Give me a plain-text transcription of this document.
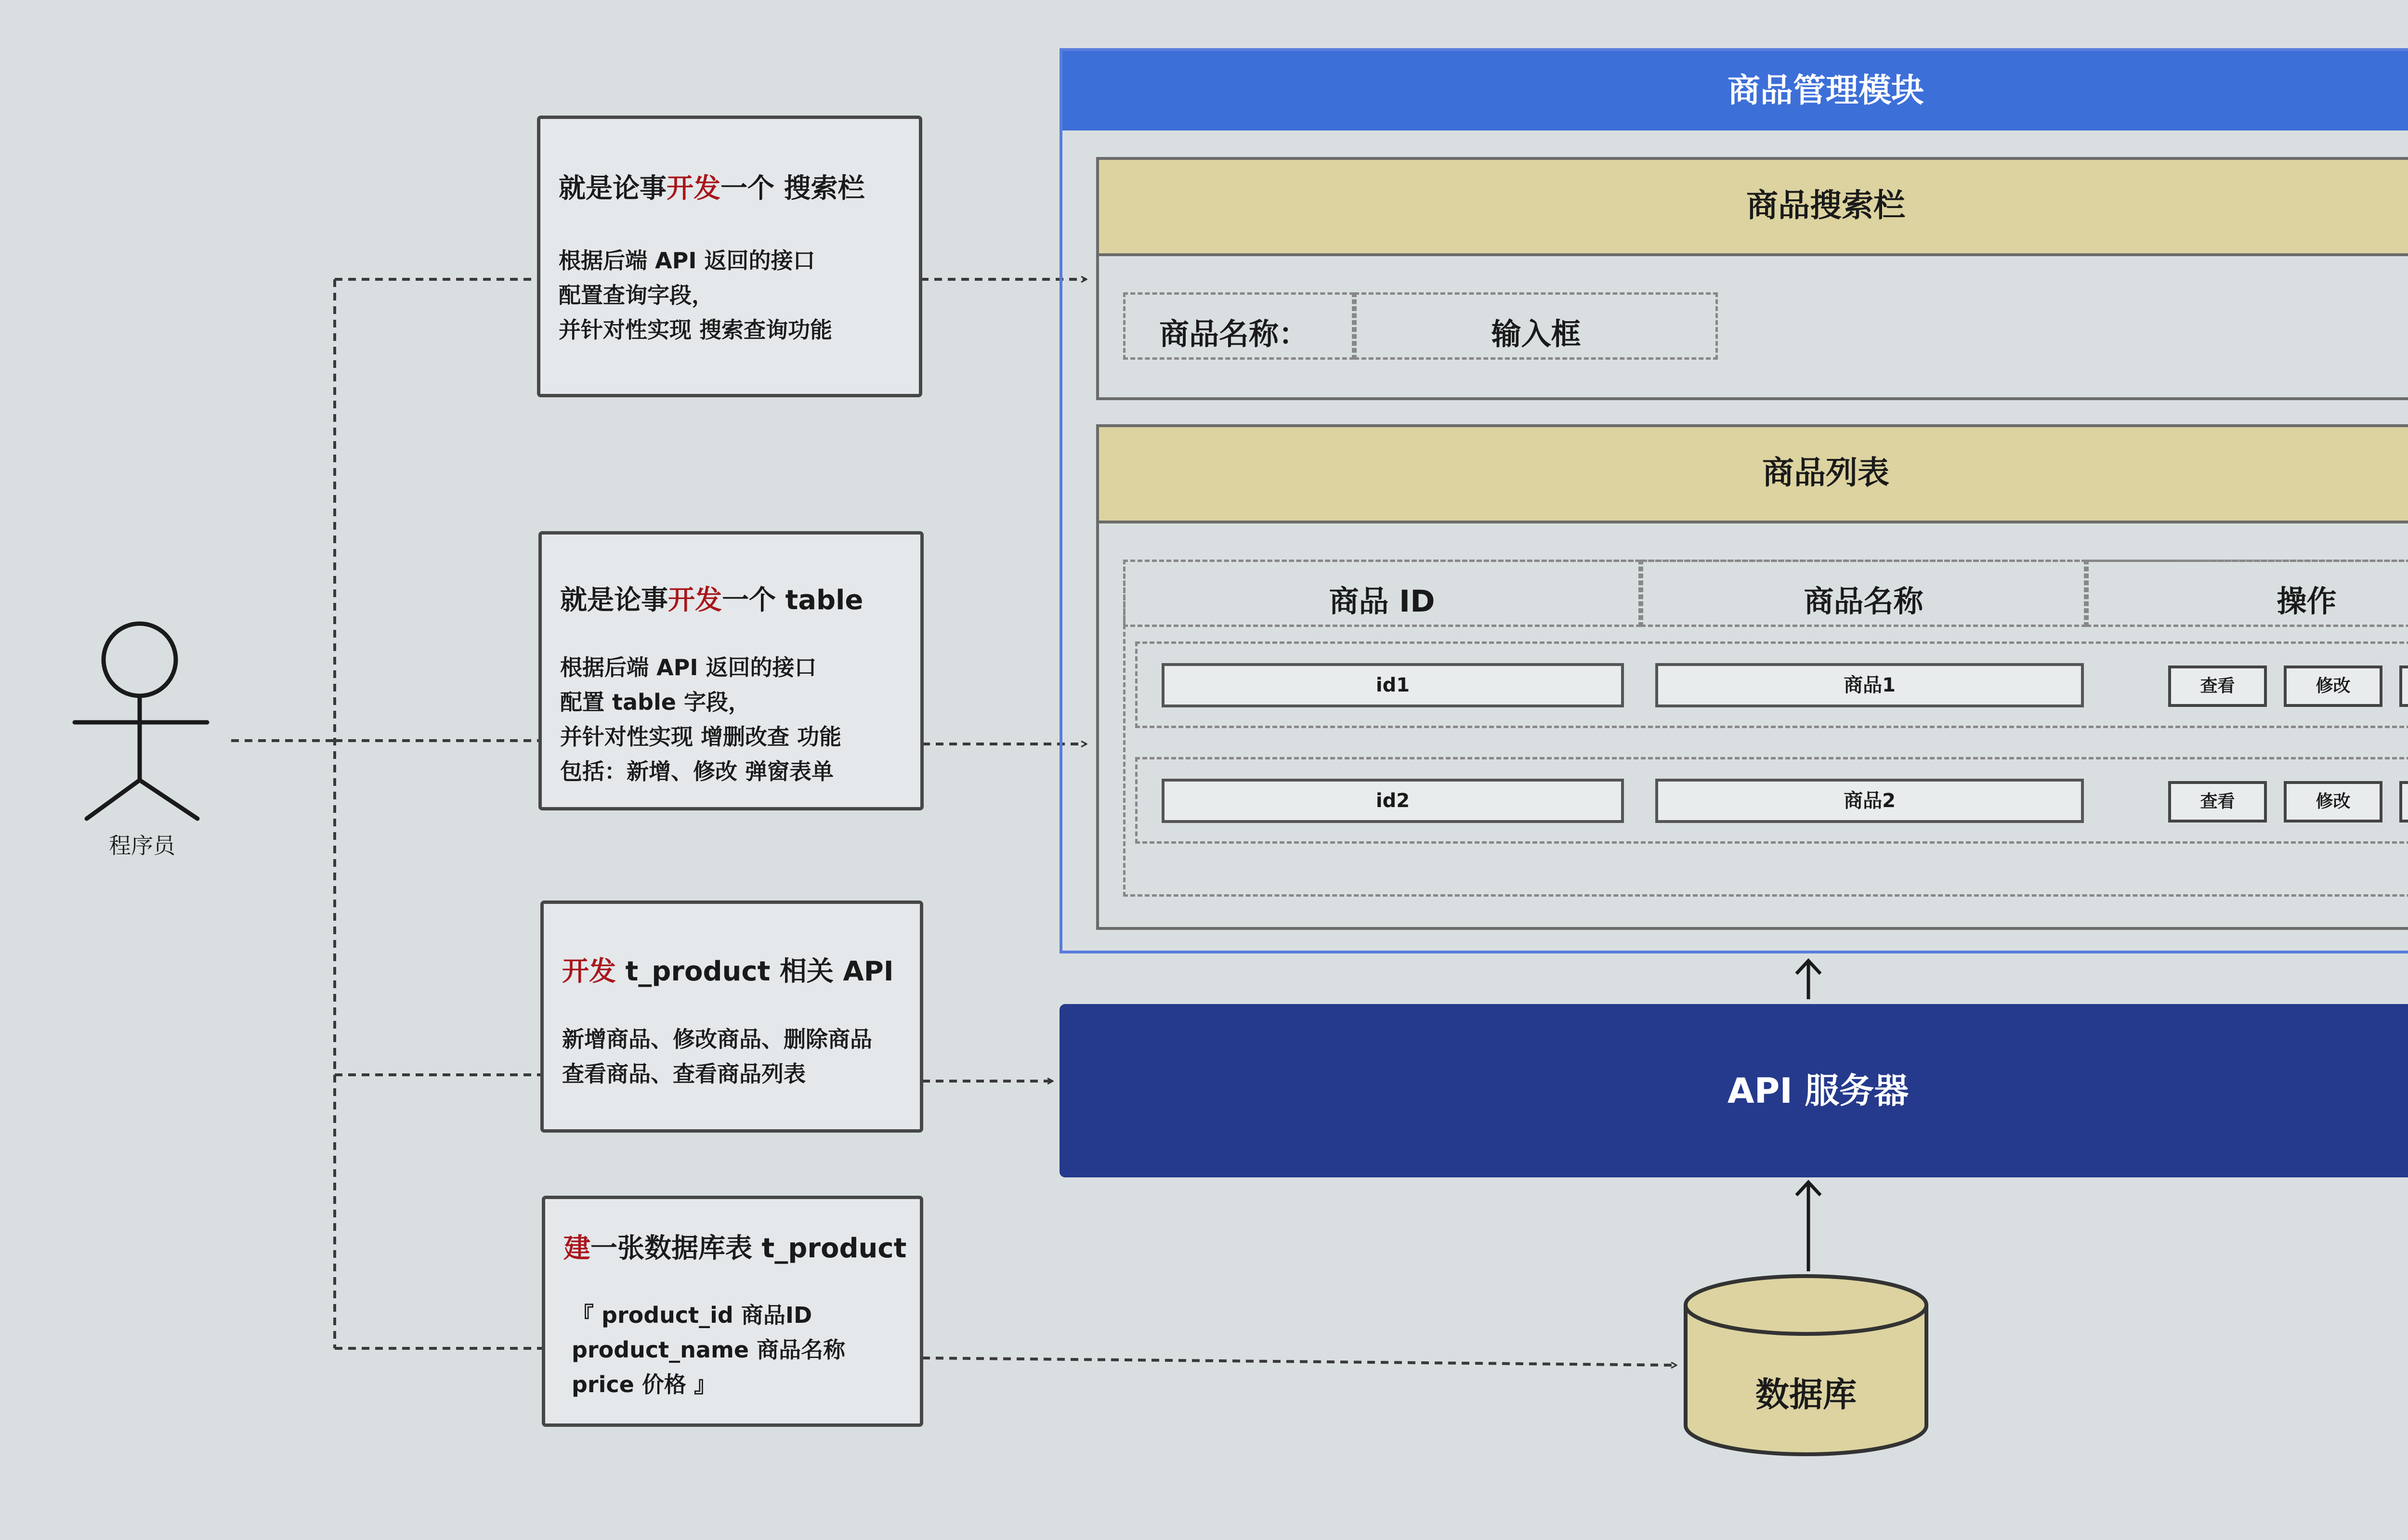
程序员
就是论事开发一个 搜索栏
根据后端 API 返回的接口
配置查询字段，
并针对性实现 搜索查询功能
就是论事开发一个 table
根据后端 API 返回的接口
配置 table 字段，
并针对性实现 增删改查 功能
包括：新增、修改 弹窗表单
开发 t_product 相关 API
新增商品、修改商品、删除商品
查看商品、查看商品列表
建一张数据库表 t_product
『 product_id 商品ID
product_name 商品名称
price 价格 』
商品管理模块
商品搜索栏
商品名称：	输入框
商品列表
商品 ID	商品名称	操作
id1	商品1	查看	修改
id2	商品2	查看	修改
API 服务器
数据库
